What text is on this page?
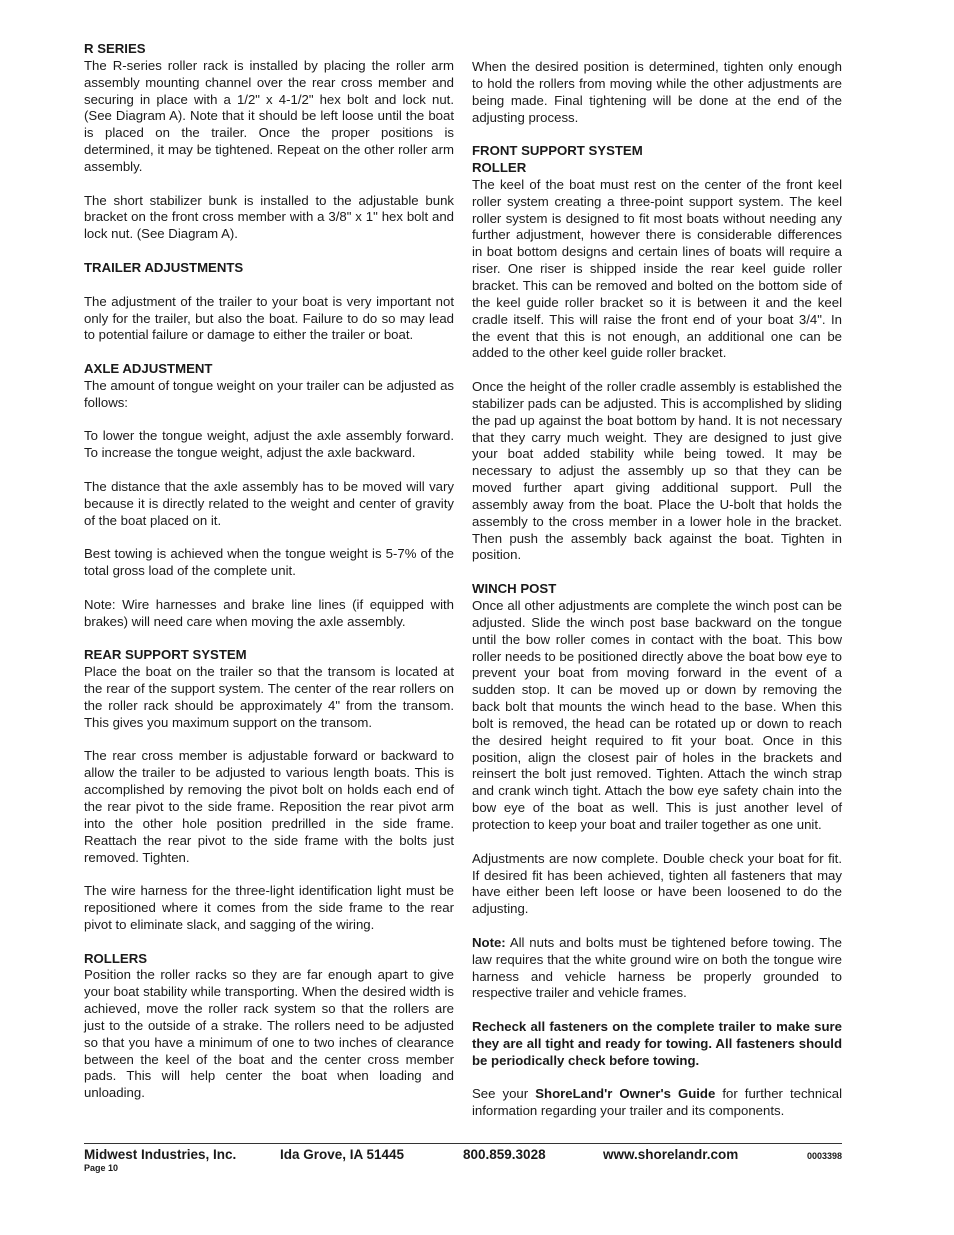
R SERIES

The R-series roller rack is installed by placing the roller arm assembly mounting channel over the rear cross member and securing in place with a 1/2" x 4-1/2" hex bolt and lock nut. (See Diagram A). Note that it should be left loose until the boat is placed on the trailer. Once the proper positions is determined, it may be tightened. Repeat on the other roller arm assembly.

The short stabilizer bunk is installed to the adjustable bunk bracket on the front cross member with a 3/8" x 1" hex bolt and lock nut. (See Diagram A).

TRAILER ADJUSTMENTS

The adjustment of the trailer to your boat is very important not only for the trailer, but also the boat. Failure to do so may lead to potential failure or damage to either the trailer or boat.

AXLE ADJUSTMENT

The amount of tongue weight on your trailer can be adjusted as follows:

To lower the tongue weight, adjust the axle assembly forward. To increase the tongue weight, adjust the axle backward.

The distance that the axle assembly has to be moved will vary because it is directly related to the weight and center of gravity of the boat placed on it.

Best towing is achieved when the tongue weight is 5-7% of the total gross load of the complete unit.

Note: Wire harnesses and brake line lines (if equipped with brakes) will need care when moving the axle assembly.

REAR SUPPORT SYSTEM

Place the boat on the trailer so that the transom is located at the rear of the support system. The center of the rear rollers on the roller rack should be approximately 4" from the transom. This gives you maximum support on the transom.

The rear cross member is adjustable forward or backward to allow the trailer to be adjusted to various length boats. This is accomplished by removing the pivot bolt on holds each end of the rear pivot to the side frame. Reposition the rear pivot arm into the other hole position predrilled in the side frame. Reattach the rear pivot to the side frame with the bolts just removed. Tighten.

The wire harness for the three-light identification light must be repositioned where it comes from the side frame to the rear pivot to eliminate slack, and sagging of the wiring.

ROLLERS

Position the roller racks so they are far enough apart to give your boat stability while transporting. When the desired width is achieved, move the roller rack system so that the rollers are just to the outside of a strake. The rollers need to be adjusted so that you have a minimum of one to two inches of clearance between the keel of the boat and the center cross member pads. This will help center the boat when loading and unloading.

When the desired position is determined, tighten only enough to hold the rollers from moving while the other adjustments are being made. Final tightening will be done at the end of the adjusting process.

FRONT SUPPORT SYSTEM
ROLLER

The keel of the boat must rest on the center of the front keel roller system creating a three-point support system. The keel roller system is designed to fit most boats without needing any further adjustment, however there is considerable differences in boat bottom designs and certain lines of boats will require a riser. One riser is shipped inside the rear keel guide roller bracket. This can be removed and bolted on the bottom side of the keel guide roller bracket so it is between it and the keel cradle itself. This will raise the front end of your boat 3/4". In the event that this is not enough, an additional one can be added to the other keel guide roller bracket.

Once the height of the roller cradle assembly is established the stabilizer pads can be adjusted. This is accomplished by sliding the pad up against the boat bottom by hand. It is not necessary that they carry much weight. They are designed to just give your boat added stability while being towed. It may be necessary to adjust the assembly up so that they can be moved further apart giving additional support. Pull the assembly away from the boat. Place the U-bolt that holds the assembly to the cross member in a lower hole in the bracket. Then push the assembly back against the boat. Tighten in position.

WINCH POST

Once all other adjustments are complete the winch post can be adjusted. Slide the winch post base backward on the tongue until the bow roller comes in contact with the boat. This bow roller needs to be positioned directly above the boat bow eye to prevent your boat from moving forward in the event of a sudden stop. It can be moved up or down by removing the back bolt that mounts the winch head to the base. When this bolt is removed, the head can be rotated up or down to reach the desired height required to fit your boat. Once in this position, align the closest pair of holes in the brackets and reinsert the bolt just removed. Tighten. Attach the winch strap and crank winch tight. Attach the bow eye safety chain into the bow eye of the boat as well. This is just another level of protection to keep your boat and trailer together as one unit.

Adjustments are now complete. Double check your boat for fit. If desired fit has been achieved, tighten all fasteners that may have either been left loose or have been loosened to do the adjusting.

Note: All nuts and bolts must be tightened before towing. The law requires that the white ground wire on both the tongue wire harness and vehicle harness be properly grounded to respective trailer and vehicle frames.

Recheck all fasteners on the complete trailer to make sure they are all tight and ready for towing. All fasteners should be periodically check before towing.

See your ShoreLand'r Owner's Guide for further technical information regarding your trailer and its components.

Midwest Industries, Inc.	Ida Grove, IA 51445	800.859.3028	www.shorelandr.com	0003398
Page 10
